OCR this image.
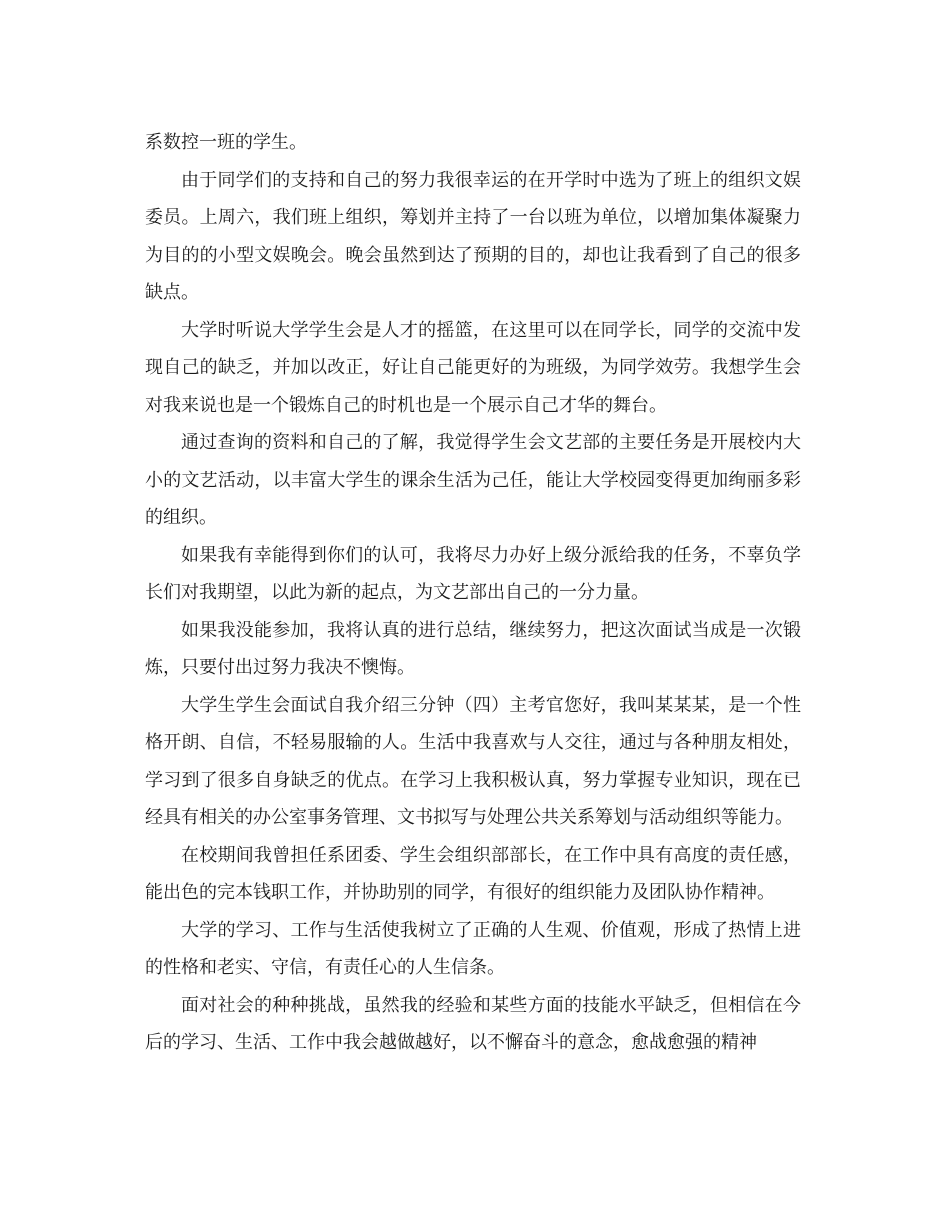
系数控一班的学生。

由于同学们的支持和自己的努力我很幸运的在开学时中选为了班上的组织文娱委员。上周六，我们班上组织，筹划并主持了一台以班为单位，以增加集体凝聚力为目的的小型文娱晚会。晚会虽然到达了预期的目的，却也让我看到了自己的很多缺点。

大学时听说大学学生会是人才的摇篮，在这里可以在同学长，同学的交流中发现自己的缺乏，并加以改正，好让自己能更好的为班级，为同学效劳。我想学生会对我来说也是一个锻炼自己的时机也是一个展示自己才华的舞台。

通过查询的资料和自己的了解，我觉得学生会文艺部的主要任务是开展校内大小的文艺活动，以丰富大学生的课余生活为己任，能让大学校园变得更加绚丽多彩的组织。

如果我有幸能得到你们的认可，我将尽力办好上级分派给我的任务，不辜负学长们对我期望，以此为新的起点，为文艺部出自己的一分力量。

如果我没能参加，我将认真的进行总结，继续努力，把这次面试当成是一次锻炼，只要付出过努力我决不懊悔。

大学生学生会面试自我介绍三分钟（四）主考官您好，我叫某某某，是一个性格开朗、自信，不轻易服输的人。生活中我喜欢与人交往，通过与各种朋友相处，学习到了很多自身缺乏的优点。在学习上我积极认真，努力掌握专业知识，现在已经具有相关的办公室事务管理、文书拟写与处理公共关系筹划与活动组织等能力。

在校期间我曾担任系团委、学生会组织部部长，在工作中具有高度的责任感，能出色的完本钱职工作，并协助别的同学，有很好的组织能力及团队协作精神。

大学的学习、工作与生活使我树立了正确的人生观、价值观，形成了热情上进的性格和老实、守信，有责任心的人生信条。

面对社会的种种挑战，虽然我的经验和某些方面的技能水平缺乏，但相信在今后的学习、生活、工作中我会越做越好，以不懈奋斗的意念，愈战愈强的精神
